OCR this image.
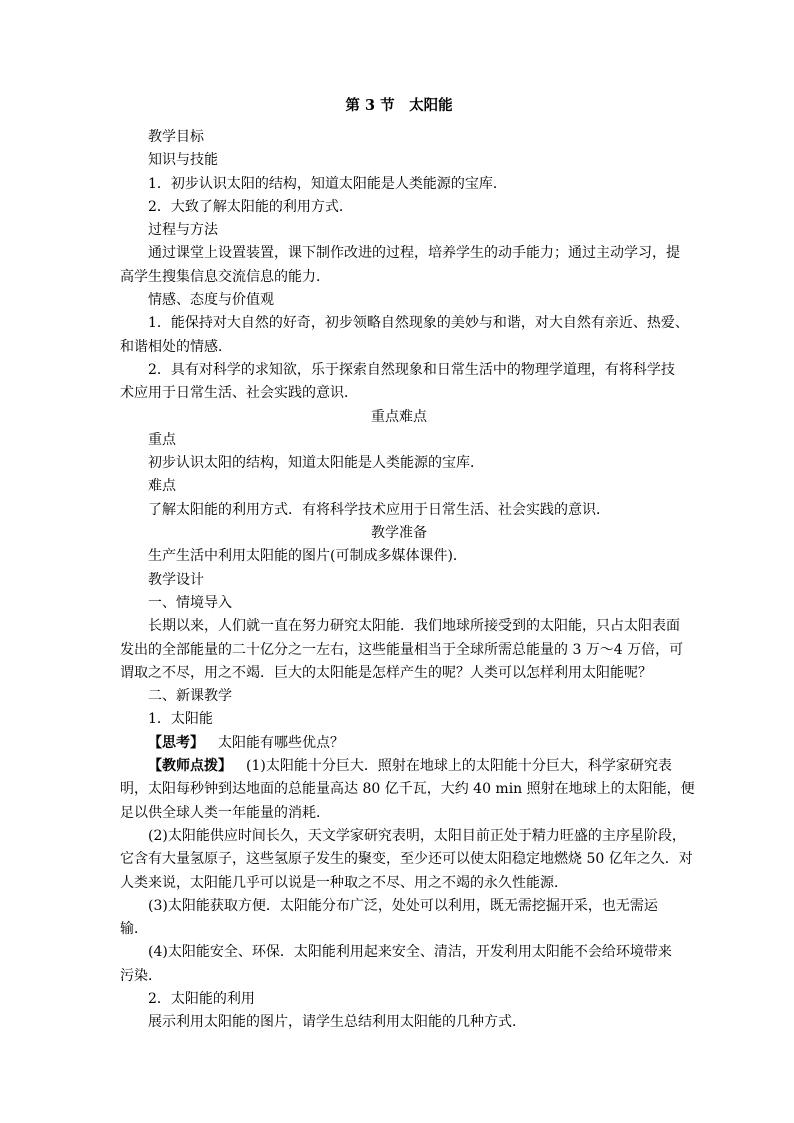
第 3 节　太阳能

教学目标

知识与技能

1．初步认识太阳的结构，知道太阳能是人类能源的宝库．

2．大致了解太阳能的利用方式．

过程与方法

通过课堂上设置装置，课下制作改进的过程，培养学生的动手能力；通过主动学习，提

高学生搜集信息交流信息的能力．

情感、态度与价值观

1．能保持对大自然的好奇，初步领略自然现象的美妙与和谐，对大自然有亲近、热爱、

和谐相处的情感．

2．具有对科学的求知欲，乐于探索自然现象和日常生活中的物理学道理，有将科学技

术应用于日常生活、社会实践的意识．

重点难点

重点

初步认识太阳的结构，知道太阳能是人类能源的宝库．

难点

了解太阳能的利用方式．有将科学技术应用于日常生活、社会实践的意识．

教学准备

生产生活中利用太阳能的图片(可制成多媒体课件)．

教学设计

一、情境导入

长期以来，人们就一直在努力研究太阳能．我们地球所接受到的太阳能，只占太阳表面

发出的全部能量的二十亿分之一左右，这些能量相当于全球所需总能量的 3 万～4 万倍，可

谓取之不尽，用之不竭．巨大的太阳能是怎样产生的呢？人类可以怎样利用太阳能呢？

二、新课教学

1．太阳能

【思考】 太阳能有哪些优点？

【教师点拨】 (1)太阳能十分巨大．照射在地球上的太阳能十分巨大，科学家研究表

明，太阳每秒钟到达地面的总能量高达 80 亿千瓦，大约 40 min 照射在地球上的太阳能，便

足以供全球人类一年能量的消耗．

(2)太阳能供应时间长久，天文学家研究表明，太阳目前正处于精力旺盛的主序星阶段，

它含有大量氢原子，这些氢原子发生的聚变，至少还可以使太阳稳定地燃烧 50 亿年之久．对

人类来说，太阳能几乎可以说是一种取之不尽、用之不竭的永久性能源．

(3)太阳能获取方便．太阳能分布广泛，处处可以利用，既无需挖掘开采，也无需运

输．

(4)太阳能安全、环保．太阳能利用起来安全、清洁，开发利用太阳能不会给环境带来

污染．

2．太阳能的利用

展示利用太阳能的图片，请学生总结利用太阳能的几种方式．
